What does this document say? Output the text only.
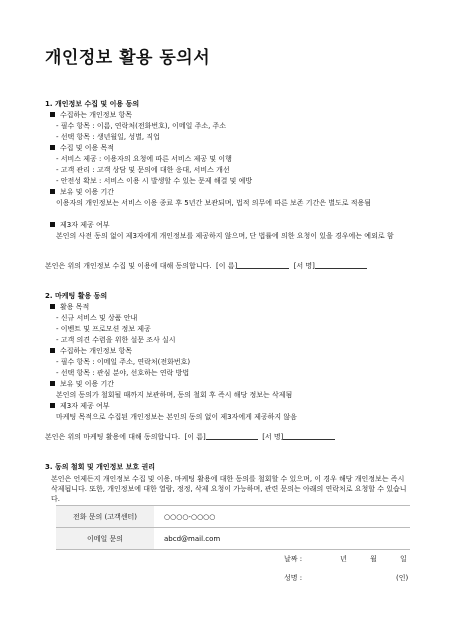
개인정보 활용 동의서
1. 개인정보 수집 및 이용 동의
수집하는 개인정보 항목
- 필수 항목 : 이름, 연락처(전화번호), 이메일 주소, 주소
- 선택 항목 : 생년월일, 성별, 직업
수집 및 이용 목적
- 서비스 제공 : 이용자의 요청에 따른 서비스 제공 및 이행
- 고객 관리 : 고객 상담 및 문의에 대한 응대, 서비스 개선
- 안전성 확보 : 서비스 이용 시 발생할 수 있는 문제 해결 및 예방
보유 및 이용 기간
이용자의 개인정보는 서비스 이용 종료 후 5년간 보관되며, 법적 의무에 따른 보존 기간은 별도로 적용됨
제3자 제공 여부
본인의 사전 동의 없이 제3자에게 개인정보를 제공하지 않으며, 단 법률에 의한 요청이 있을 경우에는 예외로 함
본인은 위의 개인정보 수집 및 이용에 대해 동의합니다. [이 름]	[서 명]
2. 마케팅 활용 동의
활용 목적
- 신규 서비스 및 상품 안내
- 이벤트 및 프로모션 정보 제공
- 고객 의견 수렴을 위한 설문 조사 실시
수집하는 개인정보 항목
- 필수 항목 : 이메일 주소, 연락처(전화번호)
- 선택 항목 : 관심 분야, 선호하는 연락 방법
보유 및 이용 기간
본인의 동의가 철회될 때까지 보관하며, 동의 철회 후 즉시 해당 정보는 삭제됨
제3자 제공 여부
마케팅 목적으로 수집된 개인정보는 본인의 동의 없이 제3자에게 제공하지 않음
본인은 위의 마케팅 활용에 대해 동의합니다. [이 름]	[서 명]
3. 동의 철회 및 개인정보 보호 권리
본인은 언제든지 개인정보 수집 및 이용, 마케팅 활용에 대한 동의를 철회할 수 있으며, 이 경우 해당 개인정보는 즉시 삭제됩니다. 또한, 개인정보에 대한 열람, 정정, 삭제 요청이 가능하며, 관련 문의는 아래의 연락처로 요청할 수 있습니다.
전화 문의 (고객센터)	○○○○-○○○○
이메일 문의	abcd@mail.com
날짜 :	년	월	일
성명 :	(인)
